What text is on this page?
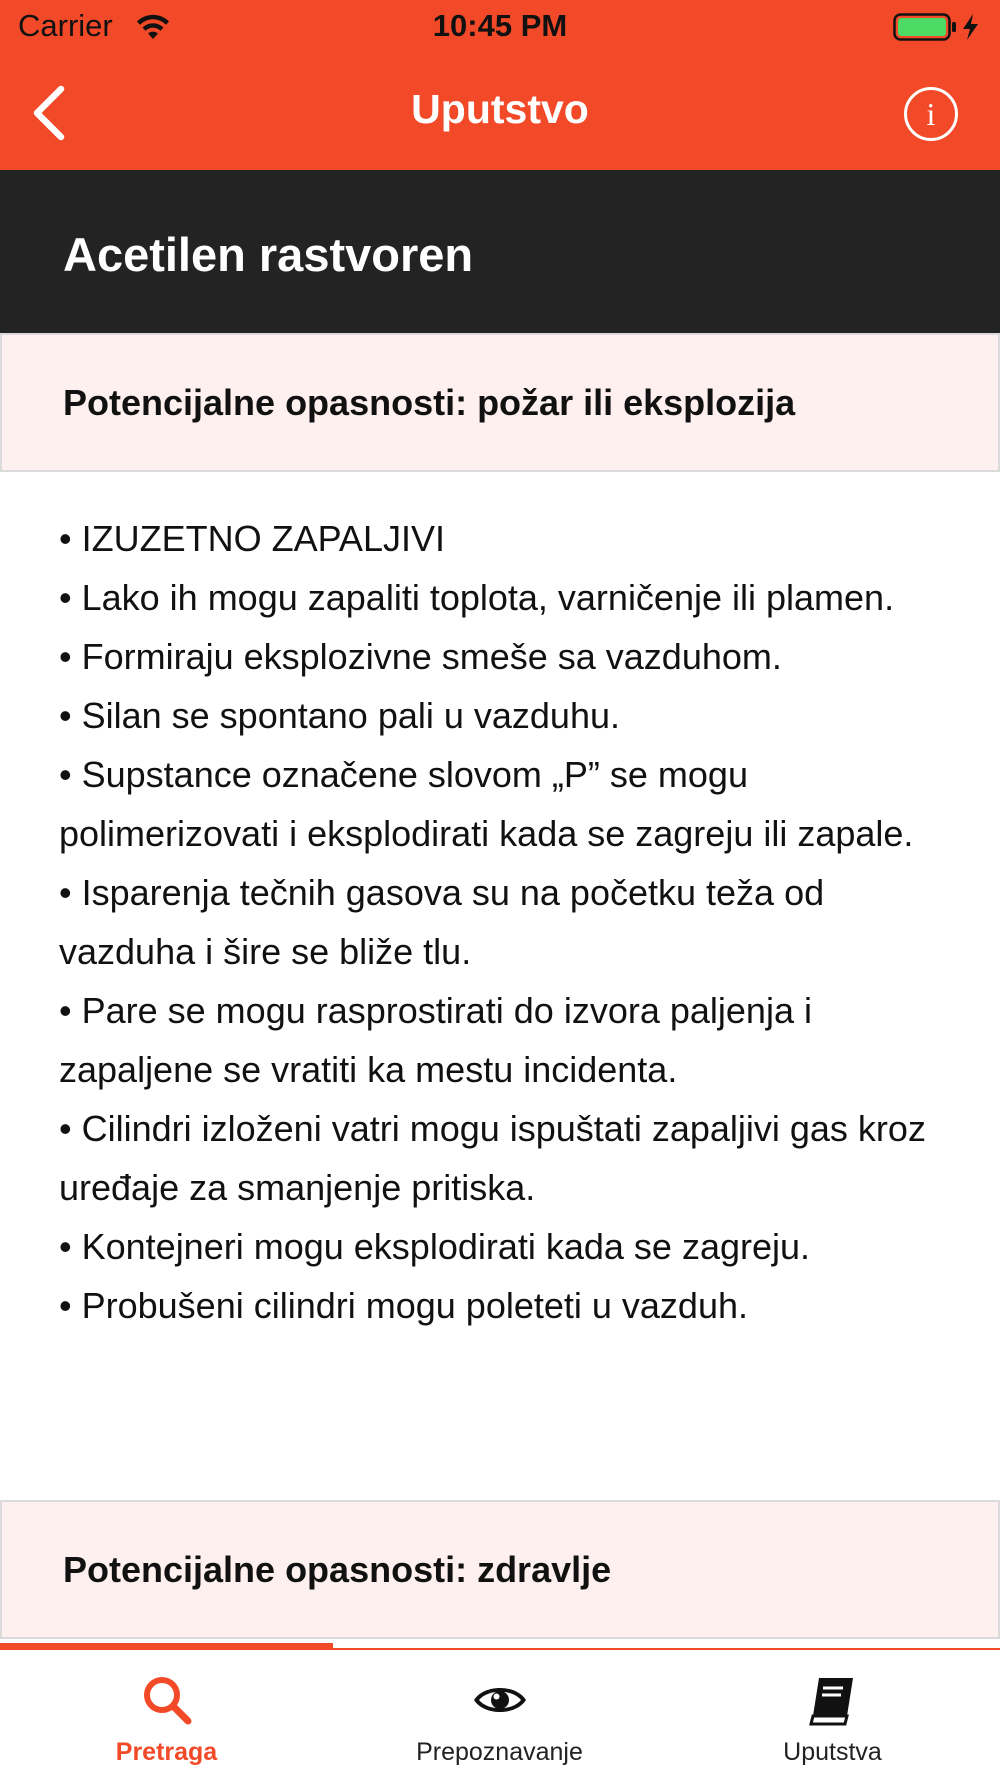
Carrier	10:45 PM
Uputstvo	i
Acetilen rastvoren
Potencijalne opasnosti: požar ili eksplozija
• IZUZETNO ZAPALJIVI
• Lako ih mogu zapaliti toplota, varničenje ili plamen.
• Formiraju eksplozivne smeše sa vazduhom.
• Silan se spontano pali u vazduhu.
• Supstance označene slovom „P” se mogu polimerizovati i eksplodirati kada se zagreju ili zapale.
• Isparenja tečnih gasova su na početku teža od vazduha i šire se bliže tlu.
• Pare se mogu rasprostirati do izvora paljenja i zapaljene se vratiti ka mestu incidenta.
• Cilindri izloženi vatri mogu ispuštati zapaljivi gas kroz uređaje za smanjenje pritiska.
• Kontejneri mogu eksplodirati kada se zagreju.
• Probušeni cilindri mogu poleteti u vazduh.
Potencijalne opasnosti: zdravlje
Pretraga	Prepoznavanje	Uputstva
